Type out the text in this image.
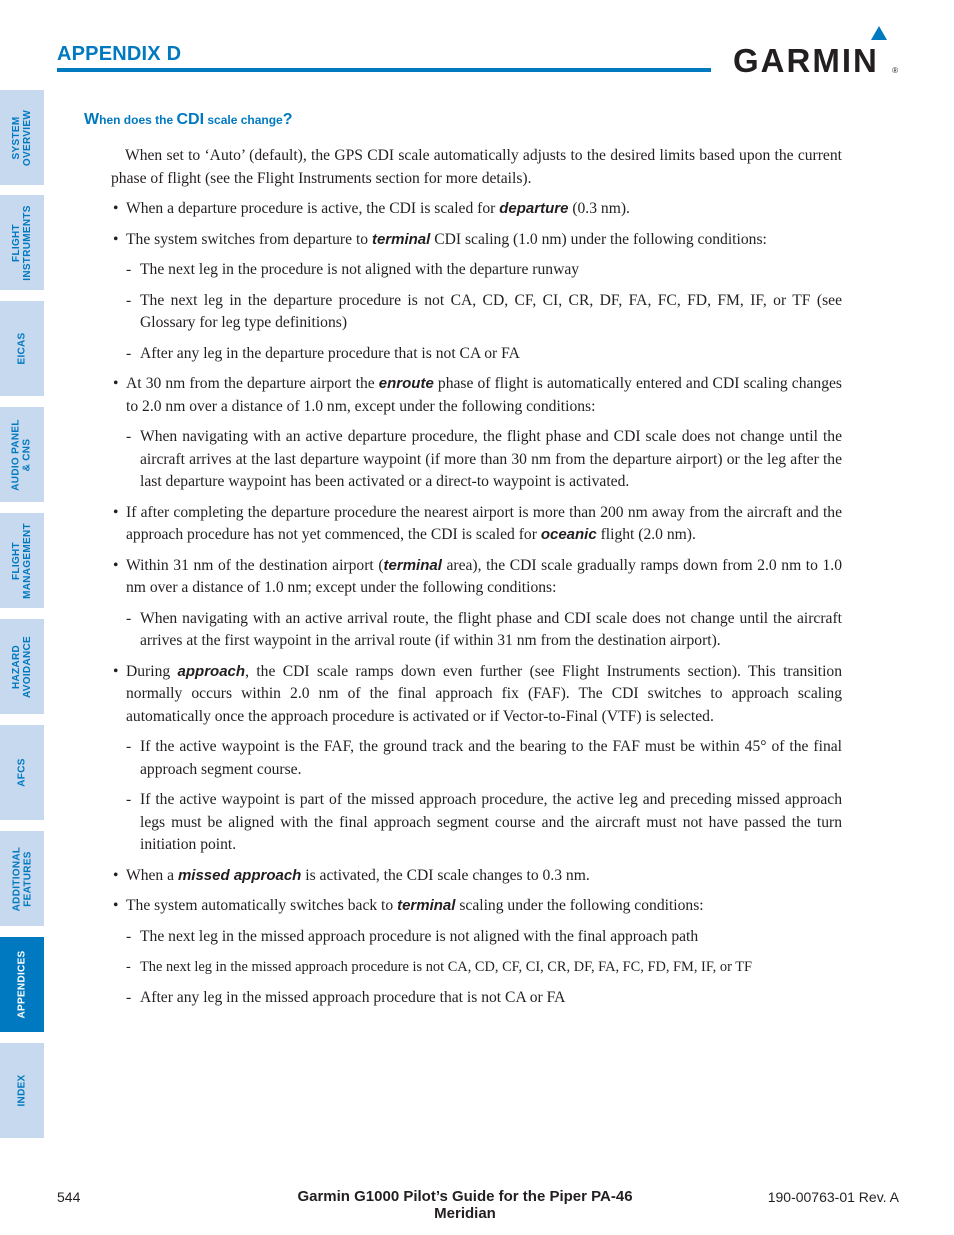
APPENDIX D	GARMIN ®
SYSTEM
OVERVIEW
FLIGHT
INSTRUMENTS
EICAS
AUDIO PANEL
& CNS
FLIGHT
MANAGEMENT
HAZARD
AVOIDANCE
AFCS
ADDITIONAL
FEATURES
APPENDICES
INDEX
When does the CDI scale change?

When set to ‘Auto’ (default), the GPS CDI scale automatically adjusts to the desired limits based upon the current phase of flight (see the Flight Instruments section for more details).

• When a departure procedure is active, the CDI is scaled for departure (0.3 nm).

• The system switches from departure to terminal CDI scaling (1.0 nm) under the following conditions:

- The next leg in the procedure is not aligned with the departure runway

- The next leg in the departure procedure is not CA, CD, CF, CI, CR, DF, FA, FC, FD, FM, IF, or TF (see Glossary for leg type definitions)

- After any leg in the departure procedure that is not CA or FA

• At 30 nm from the departure airport the enroute phase of flight is automatically entered and CDI scaling changes to 2.0 nm over a distance of 1.0 nm, except under the following conditions:

- When navigating with an active departure procedure, the flight phase and CDI scale does not change until the aircraft arrives at the last departure waypoint (if more than 30 nm from the departure airport) or the leg after the last departure waypoint has been activated or a direct-to waypoint is activated.

• If after completing the departure procedure the nearest airport is more than 200 nm away from the aircraft and the approach procedure has not yet commenced, the CDI is scaled for oceanic flight (2.0 nm).

• Within 31 nm of the destination airport (terminal area), the CDI scale gradually ramps down from 2.0 nm to 1.0 nm over a distance of 1.0 nm; except under the following conditions:

- When navigating with an active arrival route, the flight phase and CDI scale does not change until the aircraft arrives at the first waypoint in the arrival route (if within 31 nm from the destination airport).

• During approach, the CDI scale ramps down even further (see Flight Instruments section). This transition normally occurs within 2.0 nm of the final approach fix (FAF). The CDI switches to approach scaling automatically once the approach procedure is activated or if Vector-to-Final (VTF) is selected.

- If the active waypoint is the FAF, the ground track and the bearing to the FAF must be within 45° of the final approach segment course.

- If the active waypoint is part of the missed approach procedure, the active leg and preceding missed approach legs must be aligned with the final approach segment course and the aircraft must not have passed the turn initiation point.

• When a missed approach is activated, the CDI scale changes to 0.3 nm.

• The system automatically switches back to terminal scaling under the following conditions:

- The next leg in the missed approach procedure is not aligned with the final approach path

- The next leg in the missed approach procedure is not CA, CD, CF, CI, CR, DF, FA, FC, FD, FM, IF, or TF

- After any leg in the missed approach procedure that is not CA or FA

544	Garmin G1000 Pilot’s Guide for the Piper PA-46 Meridian
190-00763-01 Rev. A
